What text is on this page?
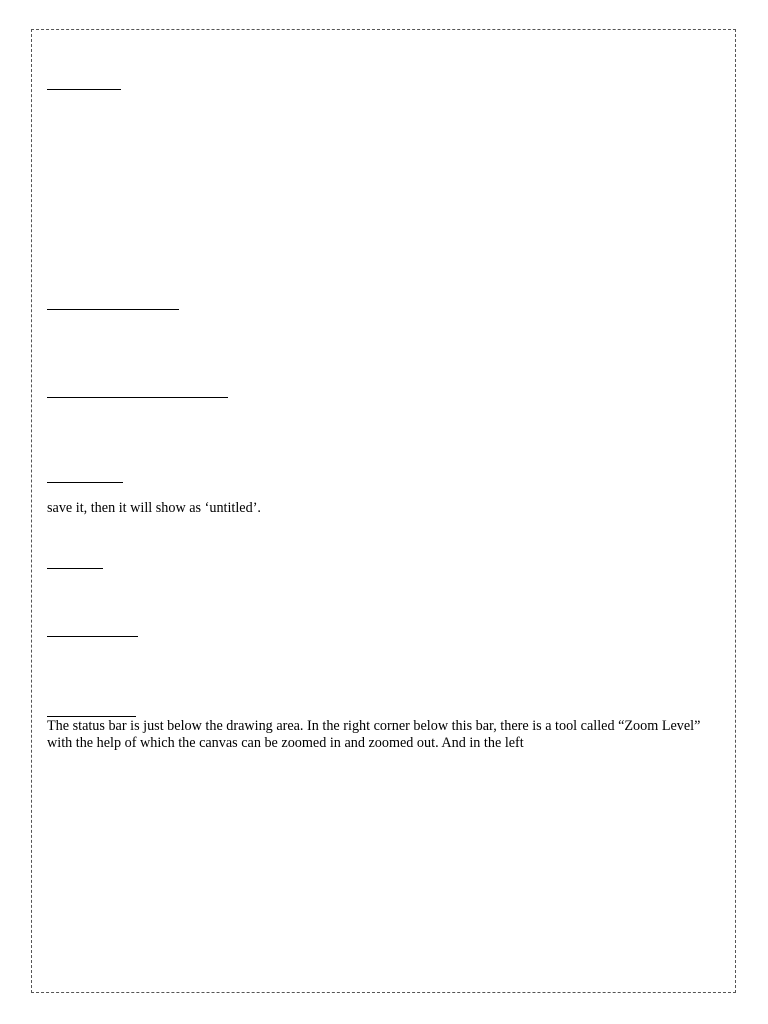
save it, then it will show as ‘untitled’.
The status bar is just below the drawing area. In the right corner below this bar, there is a tool called “Zoom Level” with the help of which the canvas can be zoomed in and zoomed out. And in the left
